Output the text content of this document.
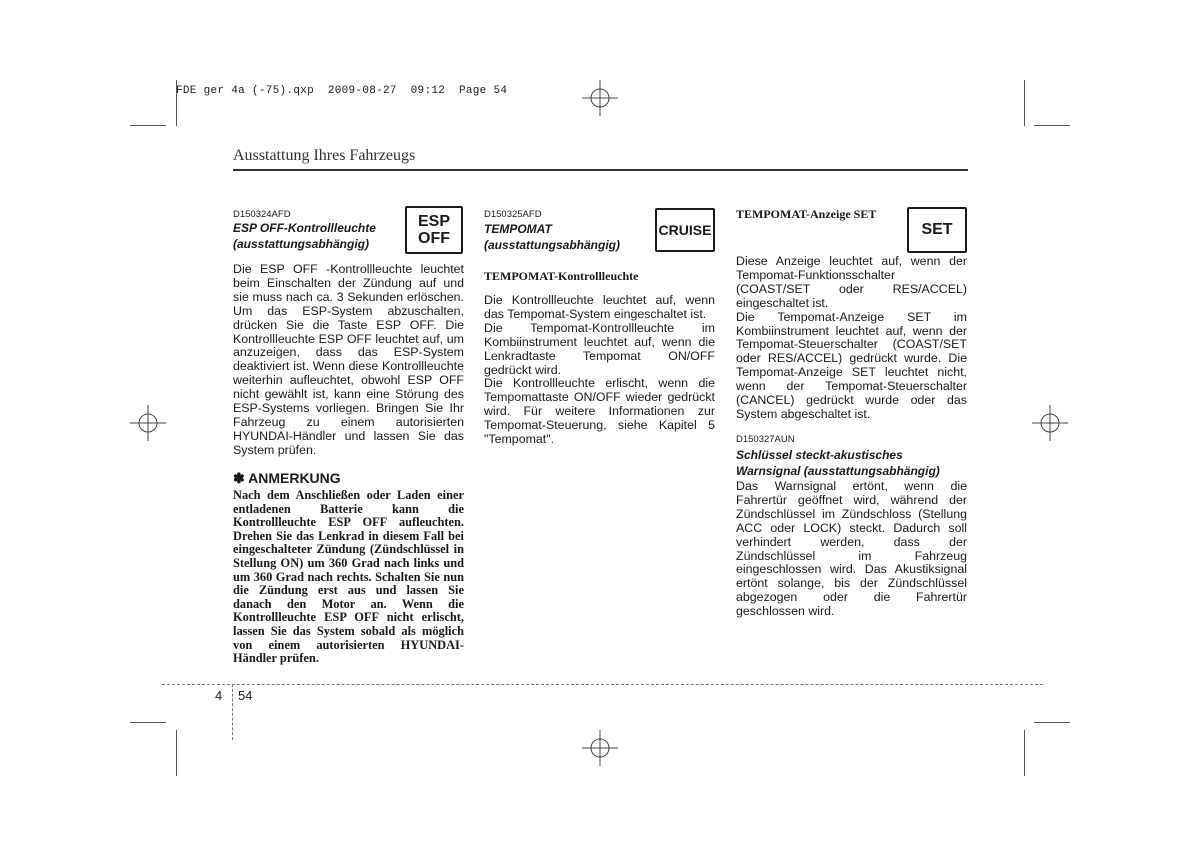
FDE ger 4a (-75).qxp  2009-08-27  09:12  Page 54
Ausstattung Ihres Fahrzeugs
D150324AFD
ESP OFF-Kontrollleuchte
(ausstattungsabhängig)
ESP
OFF
Die ESP OFF -Kontrollleuchte leuchtet beim Einschalten der Zündung auf und sie muss nach ca. 3 Sekunden erlöschen. Um das ESP-System abzuschalten, drücken Sie die Taste ESP OFF. Die Kontrollleuchte ESP OFF leuchtet auf, um anzuzeigen, dass das ESP-System deaktiviert ist. Wenn diese Kontrollleuchte weiterhin aufleuchtet, obwohl ESP OFF nicht gewählt ist, kann eine Störung des ESP-Systems vorliegen. Bringen Sie Ihr Fahrzeug zu einem autorisierten HYUNDAI-Händler und lassen Sie das System prüfen.
✽ ANMERKUNG
Nach dem Anschließen oder Laden einer entladenen Batterie kann die Kontrollleuchte ESP OFF aufleuchten. Drehen Sie das Lenkrad in diesem Fall bei eingeschalteter Zündung (Zündschlüssel in Stellung ON) um 360 Grad nach links und um 360 Grad nach rechts. Schalten Sie nun die Zündung erst aus und lassen Sie danach den Motor an. Wenn die Kontrollleuchte ESP OFF nicht erlischt, lassen Sie das System sobald als möglich von einem autorisierten HYUNDAI-Händler prüfen.
D150325AFD
TEMPOMAT
(ausstattungsabhängig)
CRUISE
TEMPOMAT-Kontrollleuchte

Die Kontrollleuchte leuchtet auf, wenn das Tempomat-System eingeschaltet ist.

Die Tempomat-Kontrollleuchte im Kombiinstrument leuchtet auf, wenn die Lenkradtaste Tempomat ON/OFF gedrückt wird.

Die Kontrollleuchte erlischt, wenn die Tempomattaste ON/OFF wieder gedrückt wird. Für weitere Informationen zur Tempomat-Steuerung, siehe Kapitel 5 "Tempomat".

TEMPOMAT-Anzeige SET
SET

Diese Anzeige leuchtet auf, wenn der Tempomat-Funktionsschalter (COAST/SET oder RES/ACCEL) eingeschaltet ist.

Die Tempomat-Anzeige SET im Kombiinstrument leuchtet auf, wenn der Tempomat-Steuerschalter (COAST/SET oder RES/ACCEL) gedrückt wurde. Die Tempomat-Anzeige SET leuchtet nicht, wenn der Tempomat-Steuerschalter (CANCEL) gedrückt wurde oder das System abgeschaltet ist.

D150327AUN
Schlüssel steckt-akustisches
Warnsignal (ausstattungsabhängig)
Das Warnsignal ertönt, wenn die Fahrertür geöffnet wird, während der Zündschlüssel im Zündschloss (Stellung ACC oder LOCK) steckt. Dadurch soll verhindert werden, dass der Zündschlüssel im Fahrzeug eingeschlossen wird. Das Akustiksignal ertönt solange, bis der Zündschlüssel abgezogen oder die Fahrertür geschlossen wird.
4 54
